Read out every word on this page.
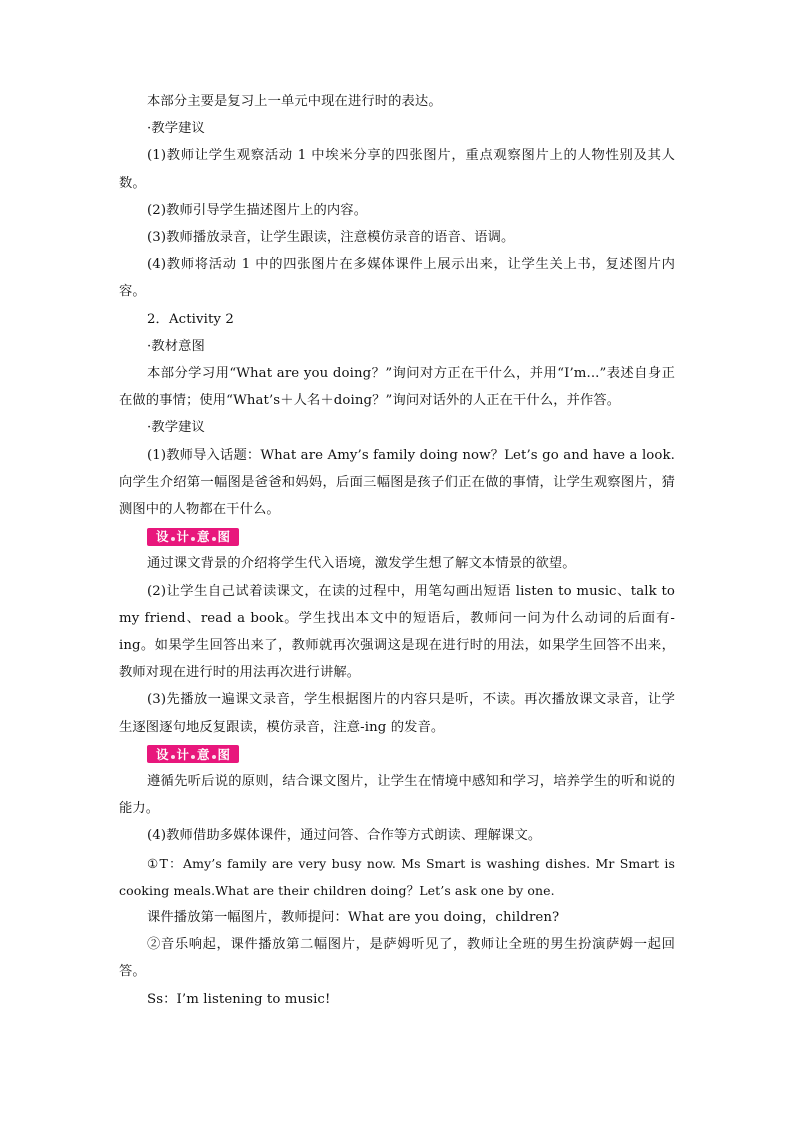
本部分主要是复习上一单元中现在进行时的表达。

·教学建议

(1)教师让学生观察活动 1 中埃米分享的四张图片，重点观察图片上的人物性别及其人数。

(2)教师引导学生描述图片上的内容。

(3)教师播放录音，让学生跟读，注意模仿录音的语音、语调。

(4)教师将活动 1 中的四张图片在多媒体课件上展示出来，让学生关上书，复述图片内容。

2．Activity 2

·教材意图

本部分学习用“What are you doing？”询问对方正在干什么，并用“I’m...”表述自身正在做的事情；使用“What’s＋人名＋doing？”询问对话外的人正在干什么，并作答。

·教学建议

(1)教师导入话题：What are Amy’s family doing now？Let’s go and have a look.向学生介绍第一幅图是爸爸和妈妈，后面三幅图是孩子们正在做的事情，让学生观察图片，猜测图中的人物都在干什么。

设 计 意 图

通过课文背景的介绍将学生代入语境，激发学生想了解文本情景的欲望。

(2)让学生自己试着读课文，在读的过程中，用笔勾画出短语 listen to music、talk to my friend、read a book。学生找出本文中的短语后，教师问一问为什么动词的后面有-ing。如果学生回答出来了，教师就再次强调这是现在进行时的用法，如果学生回答不出来，教师对现在进行时的用法再次进行讲解。

(3)先播放一遍课文录音，学生根据图片的内容只是听，不读。再次播放课文录音，让学生逐图逐句地反复跟读，模仿录音，注意-ing 的发音。

设 计 意 图

遵循先听后说的原则，结合课文图片，让学生在情境中感知和学习，培养学生的听和说的能力。

(4)教师借助多媒体课件，通过问答、合作等方式朗读、理解课文。

①T：Amy’s family are very busy now. Ms Smart is washing dishes. Mr Smart is cooking meals.What are their children doing？Let’s ask one by one.

课件播放第一幅图片，教师提问：What are you doing，children?

②音乐响起，课件播放第二幅图片，是萨姆听见了，教师让全班的男生扮演萨姆一起回答。

Ss：I’m listening to music!
